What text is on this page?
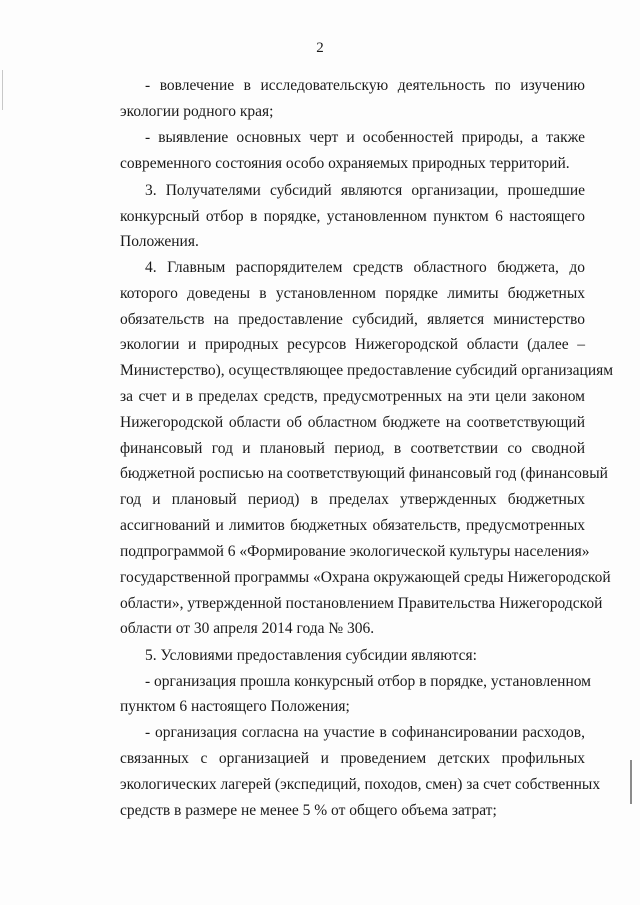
2
- вовлечение в исследовательскую деятельность по изучению
экологии родного края;
- выявление основных черт и особенностей природы, а также
современного состояния особо охраняемых природных территорий.
3. Получателями субсидий являются организации, прошедшие
конкурсный отбор в порядке, установленном пунктом 6 настоящего
Положения.
4. Главным распорядителем средств областного бюджета, до
которого доведены в установленном порядке лимиты бюджетных
обязательств на предоставление субсидий, является министерство
экологии и природных ресурсов Нижегородской области (далее –
Министерство), осуществляющее предоставление субсидий организациям
за счет и в пределах средств, предусмотренных на эти цели законом
Нижегородской области об областном бюджете на соответствующий
финансовый год и плановый период, в соответствии со сводной
бюджетной росписью на соответствующий финансовый год (финансовый
год и плановый период) в пределах утвержденных бюджетных
ассигнований и лимитов бюджетных обязательств, предусмотренных
подпрограммой 6 «Формирование экологической культуры населения»
государственной программы «Охрана окружающей среды Нижегородской
области», утвержденной постановлением Правительства Нижегородской
области от 30 апреля 2014 года № 306.
5. Условиями предоставления субсидии являются:
- организация прошла конкурсный отбор в порядке, установленном
пунктом 6 настоящего Положения;
- организация согласна на участие в софинансировании расходов,
связанных с организацией и проведением детских профильных
экологических лагерей (экспедиций, походов, смен) за счет собственных
средств в размере не менее 5 % от общего объема затрат;
